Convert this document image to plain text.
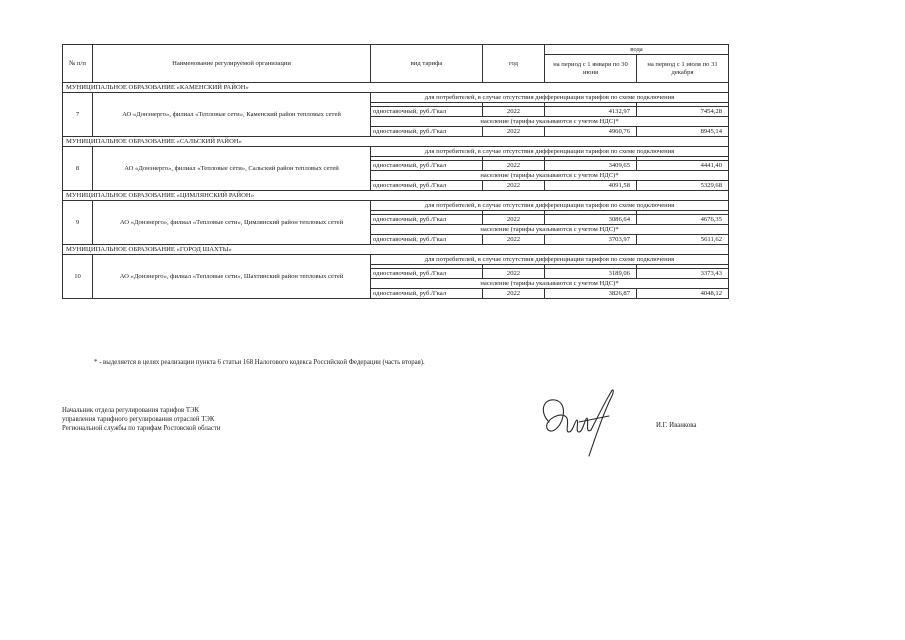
№ п/п	Наименование регулируемой организации	вид тарифа	год	вода	
				на период с 1 января по 30 июня	на период с 1 июля по 31 декабря
МУНИЦИПАЛЬНОЕ ОБРАЗОВАНИЕ «КАМЕНСКИЙ РАЙОН»					
7	АО «Донэнерго», филиал «Тепловые сети», Каменский район тепловых сетей	для потребителей, в случае отсутствия дифференциации тарифов по схеме подключения			

		одноставочный, руб./Гкал	2022	4132,97	7454,28
		население (тарифы указываются с учетом НДС)*			
		одноставочный, руб./Гкал	2022	4960,76	8945,14
МУНИЦИПАЛЬНОЕ ОБРАЗОВАНИЕ «САЛЬСКИЙ РАЙОН»					
8	АО «Донэнерго», филиал «Тепловые сети», Сальский район тепловых сетей	для потребителей, в случае отсутствия дифференциации тарифов по схеме подключения			

		одноставочный, руб./Гкал	2022	3409,65	4441,40
		население (тарифы указываются с учетом НДС)*			
		одноставочный, руб./Гкал	2022	4091,58	5329,68
МУНИЦИПАЛЬНОЕ ОБРАЗОВАНИЕ «ЦИМЛЯНСКИЙ РАЙОН»					
9	АО «Донэнерго», филиал «Тепловые сети», Цимлянский район тепловых сетей	для потребителей, в случае отсутствия дифференциации тарифов по схеме подключения			

		одноставочный, руб./Гкал	2022	3086,64	4676,35
		население (тарифы указываются с учетом НДС)*			
		одноставочный, руб./Гкал	2022	3703,97	5611,62
МУНИЦИПАЛЬНОЕ ОБРАЗОВАНИЕ «ГОРОД ШАХТЫ»					
10	АО «Донэнерго», филиал «Тепловые сети», Шахтинский район тепловых сетей	для потребителей, в случае отсутствия дифференциации тарифов по схеме подключения			

		одноставочный, руб./Гкал	2022	3189,06	3373,43
		население (тарифы указываются с учетом НДС)*			
		одноставочный, руб./Гкал	2022	3826,87	4048,12
* - выделяется в целях реализации пункта 6 статьи 168 Налогового кодекса Российской Федерации (часть вторая).
Начальник отдела регулирования тарифов ТЭК
управления тарифного регулирования отраслей ТЭК
Региональной службы по тарифам Ростовской области	И.Г. Иванкова
